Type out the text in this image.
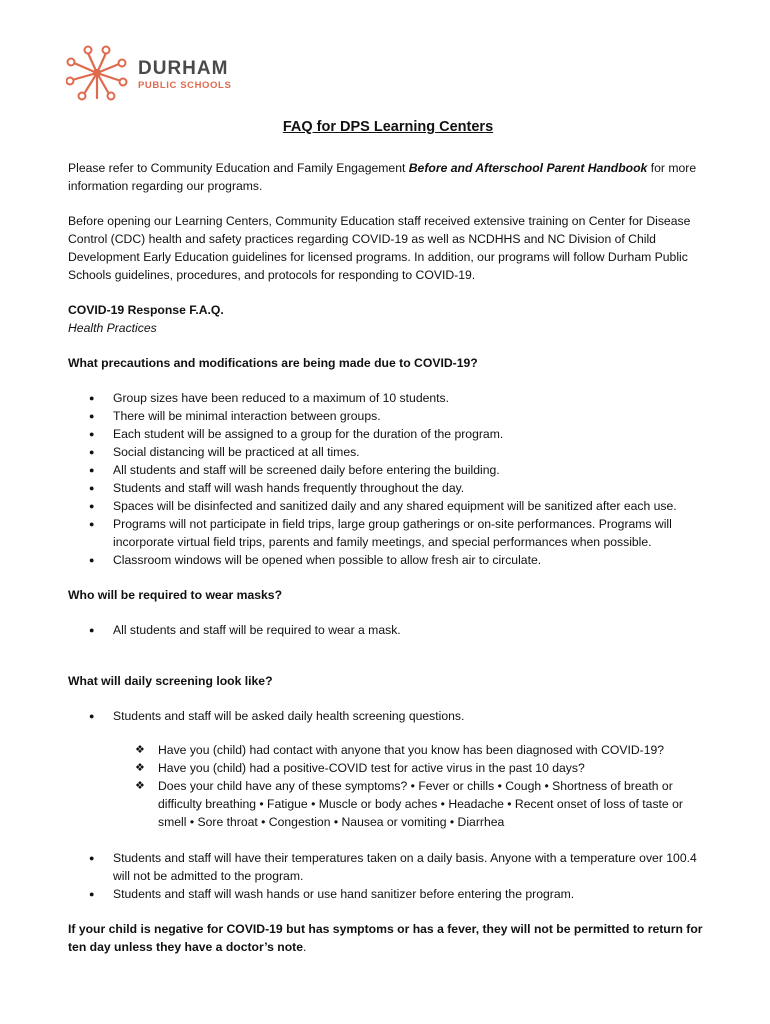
DURHAM
PUBLIC SCHOOLS
FAQ for DPS Learning Centers

Please refer to Community Education and Family Engagement Before and Afterschool Parent Handbook for more information regarding our programs.

Before opening our Learning Centers, Community Education staff received extensive training on Center for Disease Control (CDC) health and safety practices regarding COVID-19 as well as NCDHHS and NC Division of Child Development Early Education guidelines for licensed programs. In addition, our programs will follow Durham Public Schools guidelines, procedures, and protocols for responding to COVID-19.

COVID-19 Response F.A.Q.
Health Practices
What precautions and modifications are being made due to COVID-19?
● Group sizes have been reduced to a maximum of 10 students.
● There will be minimal interaction between groups.
● Each student will be assigned to a group for the duration of the program.
● Social distancing will be practiced at all times.
● All students and staff will be screened daily before entering the building.
● Students and staff will wash hands frequently throughout the day.
● Spaces will be disinfected and sanitized daily and any shared equipment will be sanitized after each use.
● Programs will not participate in field trips, large group gatherings or on-site performances. Programs will incorporate virtual field trips, parents and family meetings, and special performances when possible.
● Classroom windows will be opened when possible to allow fresh air to circulate.
Who will be required to wear masks?
● All students and staff will be required to wear a mask.
What will daily screening look like?
● Students and staff will be asked daily health screening questions.
❖ Have you (child) had contact with anyone that you know has been diagnosed with COVID-19?
❖ Have you (child) had a positive-COVID test for active virus in the past 10 days?
❖ Does your child have any of these symptoms? • Fever or chills • Cough • Shortness of breath or difficulty breathing • Fatigue • Muscle or body aches • Headache • Recent onset of loss of taste or smell • Sore throat • Congestion • Nausea or vomiting • Diarrhea
● Students and staff will have their temperatures taken on a daily basis. Anyone with a temperature over 100.4 will not be admitted to the program.
● Students and staff will wash hands or use hand sanitizer before entering the program.

If your child is negative for COVID-19 but has symptoms or has a fever, they will not be permitted to return for ten day unless they have a doctor’s note.
